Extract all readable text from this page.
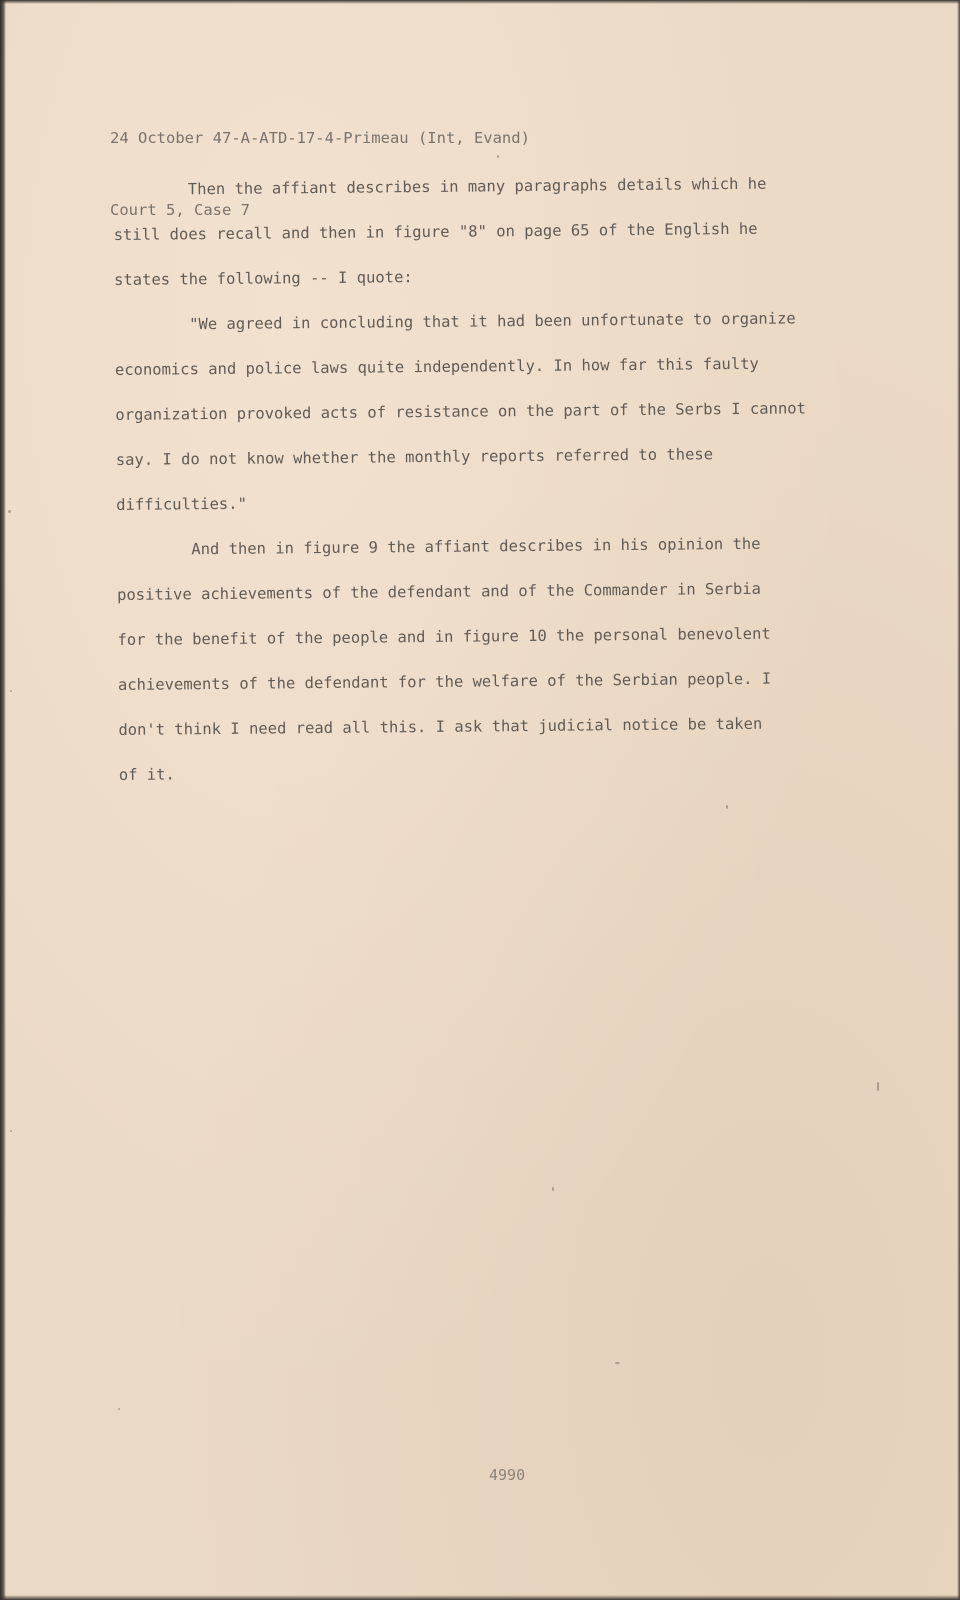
24 October 47-A-ATD-17-4-Primeau (Int, Evand)

Court 5, Case 7

Then the affiant describes in many paragraphs details which he

still does recall and then in figure "8" on page 65 of the English he

states the following -- I quote:

"We agreed in concluding that it had been unfortunate to organize

economics and police laws quite independently. In how far this faulty

organization provoked acts of resistance on the part of the Serbs I cannot

say. I do not know whether the monthly reports referred to these

difficulties."

And then in figure 9 the affiant describes in his opinion the

positive achievements of the defendant and of the Commander in Serbia

for the benefit of the people and in figure 10 the personal benevolent

achievements of the defendant for the welfare of the Serbian people. I

don't think I need read all this. I ask that judicial notice be taken

of it.

4990
